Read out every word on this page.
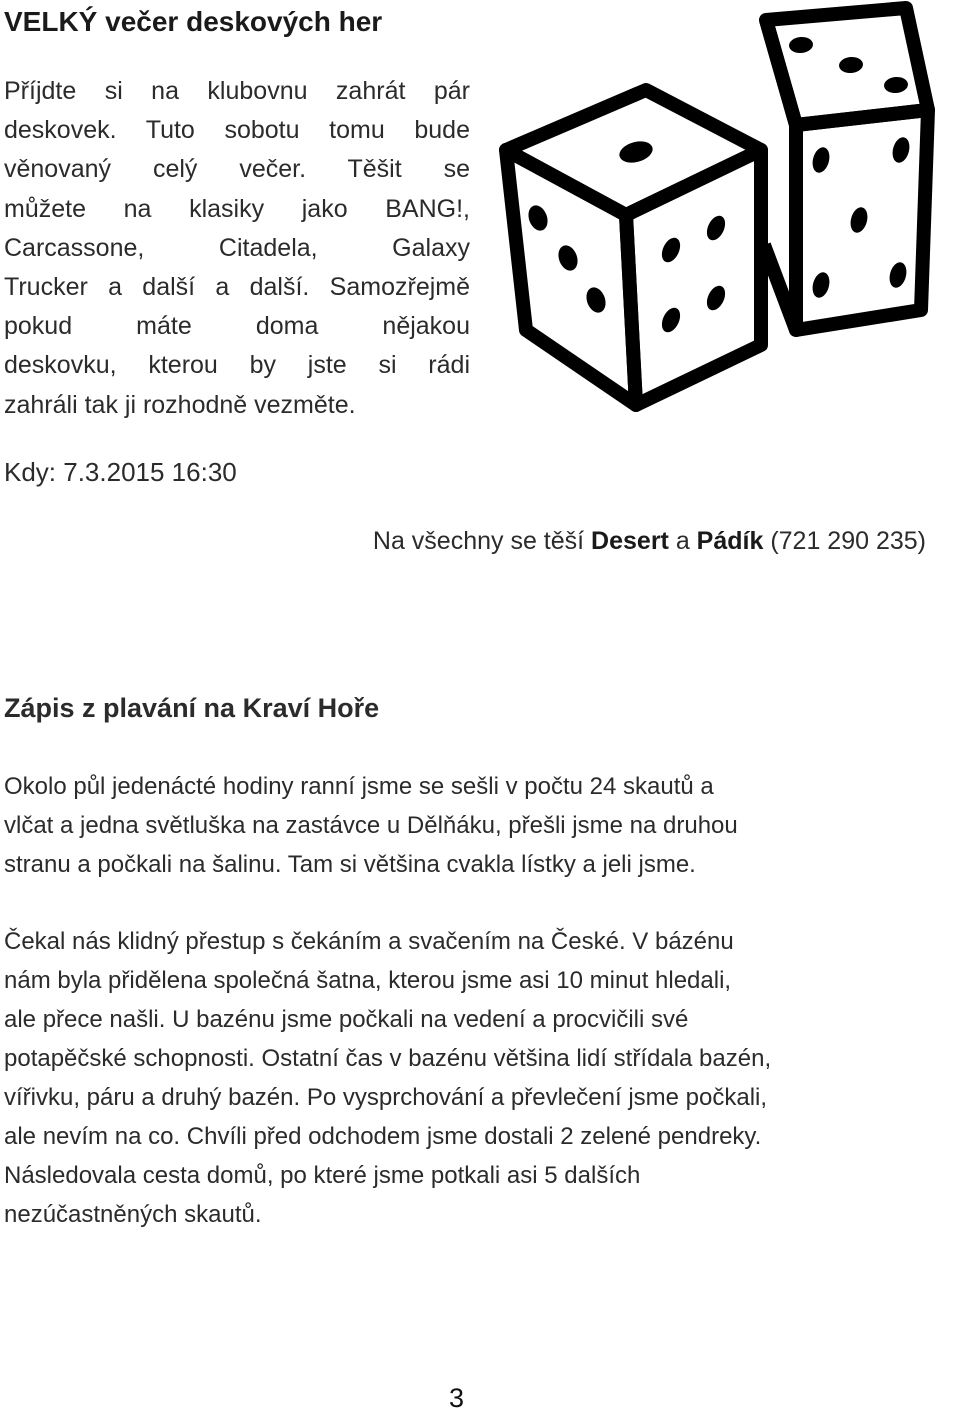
VELKÝ večer deskových her
Příjdte si na klubovnu zahrát pár
deskovek. Tuto sobotu tomu bude
věnovaný celý večer. Těšit se
můžete na klasiky jako BANG!,
Carcassone, Citadela, Galaxy
Trucker a další a další. Samozřejmě
pokud máte doma nějakou
deskovku, kterou by jste si rádi
zahráli tak ji rozhodně vezměte.
Kdy: 7.3.2015 16:30
Na všechny se těší Desert a Pádík (721 290 235)
Zápis z plavání na Kraví Hoře
Okolo půl jedenácté hodiny ranní jsme se sešli v počtu 24 skautů a
vlčat a jedna světluška na zastávce u Dělňáku, přešli jsme na druhou
stranu a počkali na šalinu. Tam si většina cvakla lístky a jeli jsme.
Čekal nás klidný přestup s čekáním a svačením na České. V bázénu
nám byla přidělena společná šatna, kterou jsme asi 10 minut hledali,
ale přece našli. U bazénu jsme počkali na vedení a procvičili své
potapěčské schopnosti. Ostatní čas v bazénu většina lidí střídala bazén,
vířivku, páru a druhý bazén. Po vysprchování a převlečení jsme počkali,
ale nevím na co. Chvíli před odchodem jsme dostali 2 zelené pendreky.
Následovala cesta domů, po které jsme potkali asi 5 dalších
nezúčastněných skautů.
3
